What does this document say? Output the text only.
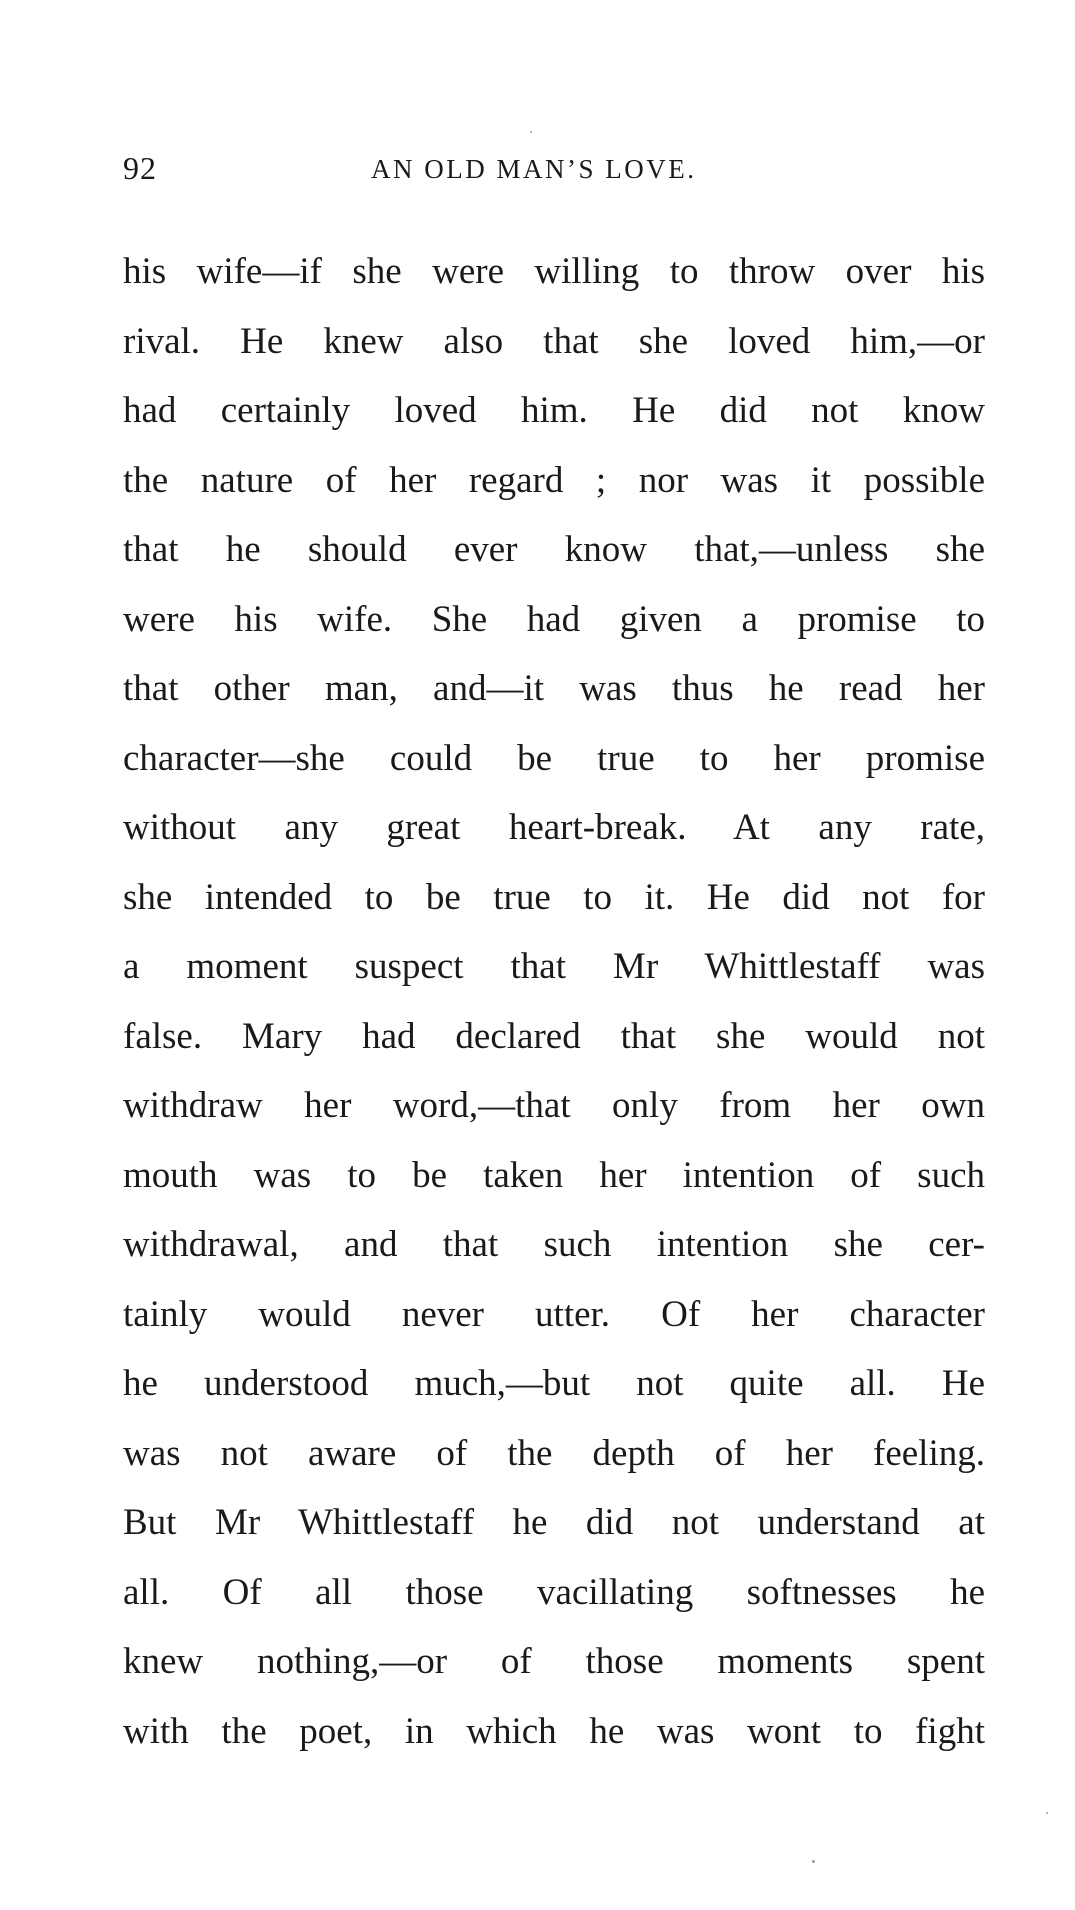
92	AN OLD MAN’S LOVE.
his wife—if she were willing to throw over his
rival. He knew also that she loved him,—or
had certainly loved him. He did not know
the nature of her regard ; nor was it possible
that he should ever know that,—unless she
were his wife. She had given a promise to
that other man, and—it was thus he read her
character—she could be true to her promise
without any great heart-break. At any rate,
she intended to be true to it. He did not for
a moment suspect that Mr Whittlestaff was
false. Mary had declared that she would not
withdraw her word,—that only from her own
mouth was to be taken her intention of such
withdrawal, and that such intention she cer-
tainly would never utter. Of her character
he understood much,—but not quite all. He
was not aware of the depth of her feeling.
But Mr Whittlestaff he did not understand at
all. Of all those vacillating softnesses he
knew nothing,—or of those moments spent
with the poet, in which he was wont to fight
